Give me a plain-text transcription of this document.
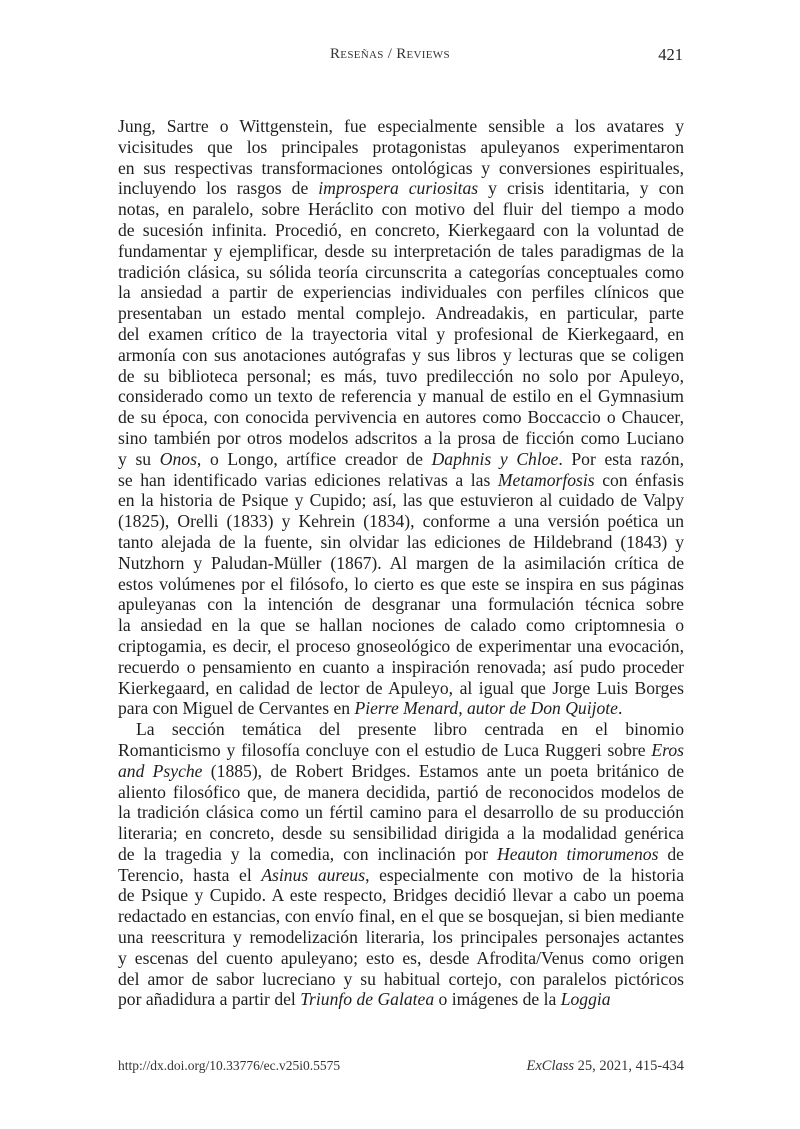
Reseñas / Reviews	421
Jung, Sartre o Wittgenstein, fue especialmente sensible a los avatares y
vicisitudes que los principales protagonistas apuleyanos experimentaron
en sus respectivas transformaciones ontológicas y conversiones espirituales,
incluyendo los rasgos de improspera curiositas y crisis identitaria, y con
notas, en paralelo, sobre Heráclito con motivo del fluir del tiempo a modo
de sucesión infinita. Procedió, en concreto, Kierkegaard con la voluntad de
fundamentar y ejemplificar, desde su interpretación de tales paradigmas de la
tradición clásica, su sólida teoría circunscrita a categorías conceptuales como
la ansiedad a partir de experiencias individuales con perfiles clínicos que
presentaban un estado mental complejo. Andreadakis, en particular, parte
del examen crítico de la trayectoria vital y profesional de Kierkegaard, en
armonía con sus anotaciones autógrafas y sus libros y lecturas que se coligen
de su biblioteca personal; es más, tuvo predilección no solo por Apuleyo,
considerado como un texto de referencia y manual de estilo en el Gymnasium
de su época, con conocida pervivencia en autores como Boccaccio o Chaucer,
sino también por otros modelos adscritos a la prosa de ficción como Luciano
y su Onos, o Longo, artífice creador de Daphnis y Chloe. Por esta razón,
se han identificado varias ediciones relativas a las Metamorfosis con énfasis
en la historia de Psique y Cupido; así, las que estuvieron al cuidado de Valpy
(1825), Orelli (1833) y Kehrein (1834), conforme a una versión poética un
tanto alejada de la fuente, sin olvidar las ediciones de Hildebrand (1843) y
Nutzhorn y Paludan-Müller (1867). Al margen de la asimilación crítica de
estos volúmenes por el filósofo, lo cierto es que este se inspira en sus páginas
apuleyanas con la intención de desgranar una formulación técnica sobre
la ansiedad en la que se hallan nociones de calado como criptomnesia o
criptogamia, es decir, el proceso gnoseológico de experimentar una evocación,
recuerdo o pensamiento en cuanto a inspiración renovada; así pudo proceder
Kierkegaard, en calidad de lector de Apuleyo, al igual que Jorge Luis Borges
para con Miguel de Cervantes en Pierre Menard, autor de Don Quijote.
La sección temática del presente libro centrada en el binomio
Romanticismo y filosofía concluye con el estudio de Luca Ruggeri sobre Eros
and Psyche (1885), de Robert Bridges. Estamos ante un poeta británico de
aliento filosófico que, de manera decidida, partió de reconocidos modelos de
la tradición clásica como un fértil camino para el desarrollo de su producción
literaria; en concreto, desde su sensibilidad dirigida a la modalidad genérica
de la tragedia y la comedia, con inclinación por Heauton timorumenos de
Terencio, hasta el Asinus aureus, especialmente con motivo de la historia
de Psique y Cupido. A este respecto, Bridges decidió llevar a cabo un poema
redactado en estancias, con envío final, en el que se bosquejan, si bien mediante
una reescritura y remodelización literaria, los principales personajes actantes
y escenas del cuento apuleyano; esto es, desde Afrodita/Venus como origen
del amor de sabor lucreciano y su habitual cortejo, con paralelos pictóricos
por añadidura a partir del Triunfo de Galatea o imágenes de la Loggia
http://dx.doi.org/10.33776/ec.v25i0.5575	ExClass 25, 2021, 415-434
